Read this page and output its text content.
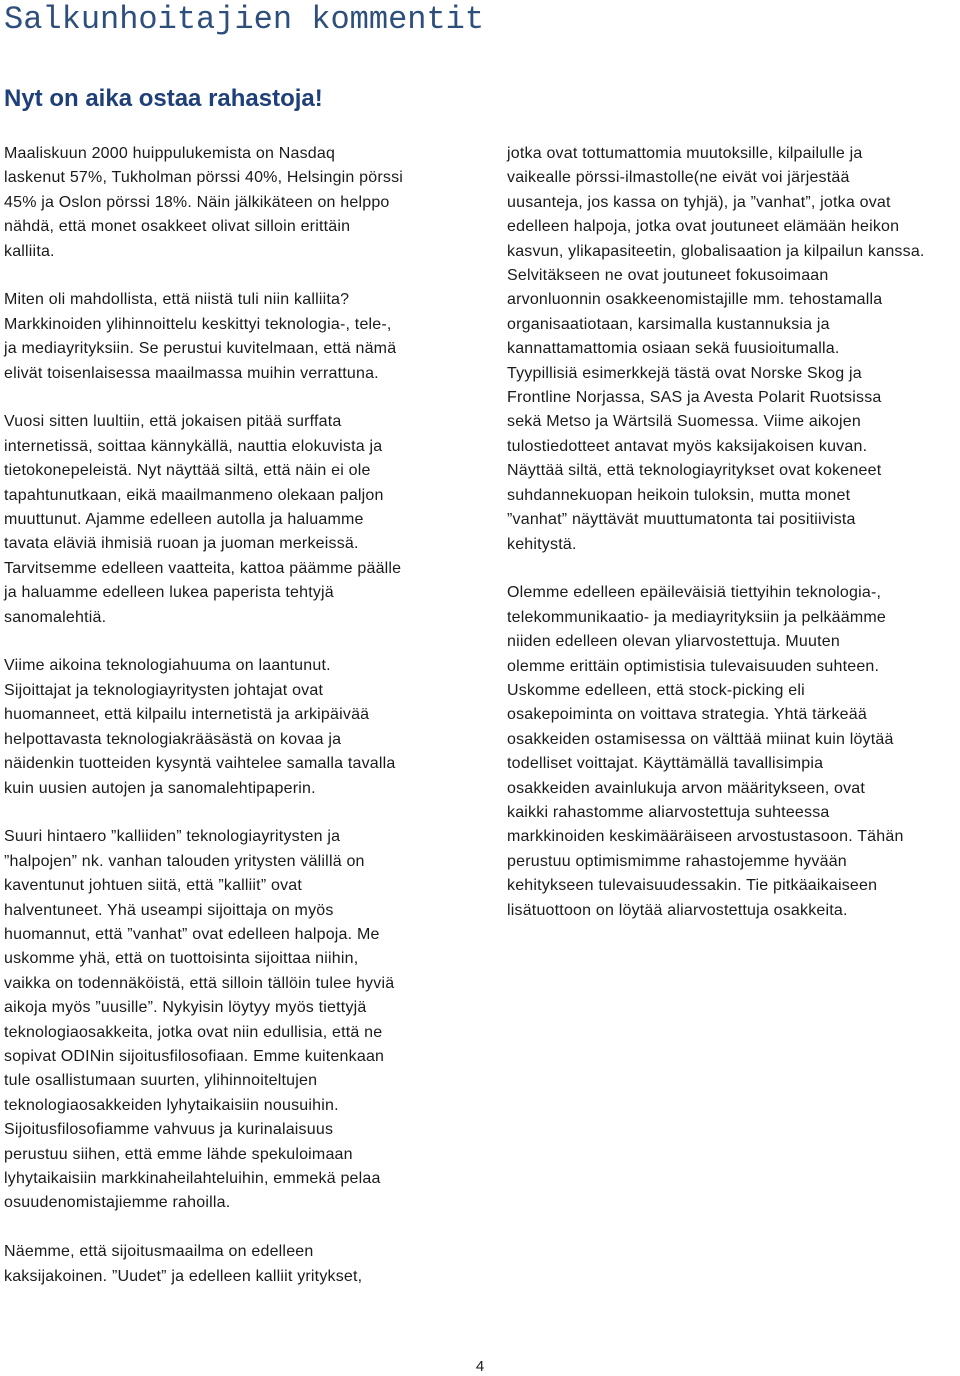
Salkunhoitajien kommentit
Nyt on aika ostaa rahastoja!

Maaliskuun 2000 huippulukemista on Nasdaq
laskenut 57%, Tukholman pörssi 40%, Helsingin pörssi
45% ja Oslon pörssi 18%. Näin jälkikäteen on helppo
nähdä, että monet osakkeet olivat silloin erittäin
kalliita.

Miten oli mahdollista, että niistä tuli niin kalliita?
Markkinoiden ylihinnoittelu keskittyi teknologia-, tele-,
ja mediayrityksiin. Se perustui kuvitelmaan, että nämä
elivät toisenlaisessa maailmassa muihin verrattuna.

Vuosi sitten luultiin, että jokaisen pitää surffata
internetissä, soittaa kännykällä, nauttia elokuvista ja
tietokonepeleistä. Nyt näyttää siltä, että näin ei ole
tapahtunutkaan, eikä maailmanmeno olekaan paljon
muuttunut. Ajamme edelleen autolla ja haluamme
tavata eläviä ihmisiä ruoan ja juoman merkeissä.
Tarvitsemme edelleen vaatteita, kattoa päämme päälle
ja haluamme edelleen lukea paperista tehtyjä
sanomalehtiä.

Viime aikoina teknologiahuuma on laantunut.
Sijoittajat ja teknologiayritysten johtajat ovat
huomanneet, että kilpailu internetistä ja arkipäivää
helpottavasta teknologiakrääsästä on kovaa ja
näidenkin tuotteiden kysyntä vaihtelee samalla tavalla
kuin uusien autojen ja sanomalehtipaperin.

Suuri hintaero ”kalliiden” teknologiayritysten ja
”halpojen” nk. vanhan talouden yritysten välillä on
kaventunut johtuen siitä, että ”kalliit” ovat
halventuneet. Yhä useampi sijoittaja on myös
huomannut, että ”vanhat” ovat edelleen halpoja. Me
uskomme yhä, että on tuottoisinta sijoittaa niihin,
vaikka on todennäköistä, että silloin tällöin tulee hyviä
aikoja myös ”uusille”. Nykyisin löytyy myös tiettyjä
teknologiaosakkeita, jotka ovat niin edullisia, että ne
sopivat ODINin sijoitusfilosofiaan. Emme kuitenkaan
tule osallistumaan suurten, ylihinnoiteltujen
teknologiaosakkeiden lyhytaikaisiin nousuihin.
Sijoitusfilosofiamme vahvuus ja kurinalaisuus
perustuu siihen, että emme lähde spekuloimaan
lyhytaikaisiin markkinaheilahteluihin, emmekä pelaa
osuudenomistajiemme rahoilla.

Näemme, että sijoitusmaailma on edelleen
kaksijakoinen. ”Uudet” ja edelleen kalliit yritykset,

jotka ovat tottumattomia muutoksille, kilpailulle ja
vaikealle pörssi-ilmastolle(ne eivät voi järjestää
uusanteja, jos kassa on tyhjä), ja ”vanhat”, jotka ovat
edelleen halpoja, jotka ovat joutuneet elämään heikon
kasvun, ylikapasiteetin, globalisaation ja kilpailun kanssa.
Selvitäkseen ne ovat joutuneet fokusoimaan
arvonluonnin osakkeenomistajille mm. tehostamalla
organisaatiotaan, karsimalla kustannuksia ja
kannattamattomia osiaan sekä fuusioitumalla.
Tyypillisiä esimerkkejä tästä ovat Norske Skog ja
Frontline Norjassa, SAS ja Avesta Polarit Ruotsissa
sekä Metso ja Wärtsilä Suomessa. Viime aikojen
tulostiedotteet antavat myös kaksijakoisen kuvan.
Näyttää siltä, että teknologiayritykset ovat kokeneet
suhdannekuopan heikoin tuloksin, mutta monet
”vanhat” näyttävät muuttumatonta tai positiivista
kehitystä.

Olemme edelleen epäileväisiä tiettyihin teknologia-,
telekommunikaatio- ja mediayrityksiin ja pelkäämme
niiden edelleen olevan yliarvostettuja. Muuten
olemme erittäin optimistisia tulevaisuuden suhteen.
Uskomme edelleen, että stock-picking eli
osakepoiminta on voittava strategia. Yhtä tärkeää
osakkeiden ostamisessa on välttää miinat kuin löytää
todelliset voittajat. Käyttämällä tavallisimpia
osakkeiden avainlukuja arvon määritykseen, ovat
kaikki rahastomme aliarvostettuja suhteessa
markkinoiden keskimääräiseen arvostustasoon. Tähän
perustuu optimismimme rahastojemme hyvään
kehitykseen tulevaisuudessakin. Tie pitkäaikaiseen
lisätuottoon on löytää aliarvostettuja osakkeita.

4
